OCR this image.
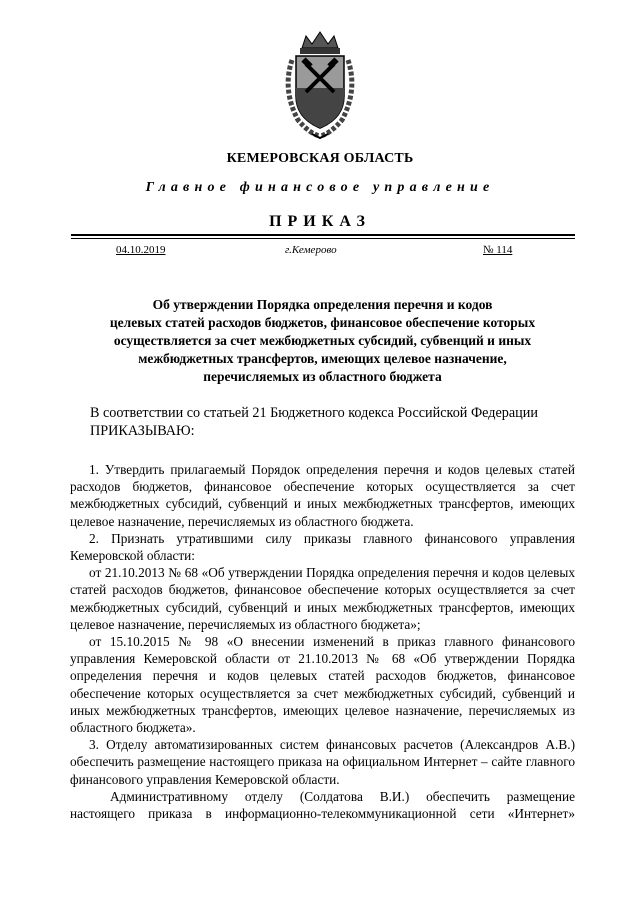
КЕМЕРОВСКАЯ ОБЛАСТЬ
Главное финансовое управление
ПРИКАЗ
04.10.2019	г.Кемерово	№ 114
Об утверждении Порядка определения перечня и кодов
целевых статей расходов бюджетов, финансовое обеспечение которых
осуществляется за счет межбюджетных субсидий, субвенций и иных
межбюджетных трансфертов, имеющих целевое назначение,
перечисляемых из областного бюджета
В соответствии со статьей 21 Бюджетного кодекса Российской Федерации
ПРИКАЗЫВАЮ:

1. Утвердить прилагаемый Порядок определения перечня и кодов целевых статей расходов бюджетов, финансовое обеспечение которых осуществляется за счет межбюджетных субсидий, субвенций и иных межбюджетных трансфертов, имеющих целевое назначение, перечисляемых из областного бюджета.

2. Признать утратившими силу приказы главного финансового управления Кемеровской области:

от 21.10.2013 № 68 «Об утверждении Порядка определения перечня и кодов целевых статей расходов бюджетов, финансовое обеспечение которых осуществляется за счет межбюджетных субсидий, субвенций и иных межбюджетных трансфертов, имеющих целевое назначение, перечисляемых из областного бюджета»;

от 15.10.2015 № 98 «О внесении изменений в приказ главного финансового управления Кемеровской области от 21.10.2013 № 68 «Об утверждении Порядка определения перечня и кодов целевых статей расходов бюджетов, финансовое обеспечение которых осуществляется за счет межбюджетных субсидий, субвенций и иных межбюджетных трансфертов, имеющих целевое назначение, перечисляемых из областного бюджета».

3. Отделу автоматизированных систем финансовых расчетов (Александров А.В.) обеспечить размещение настоящего приказа на официальном Интернет – сайте главного финансового управления Кемеровской области.

Административному отделу (Солдатова В.И.) обеспечить размещение настоящего приказа в информационно-телекоммуникационной сети «Интернет»
